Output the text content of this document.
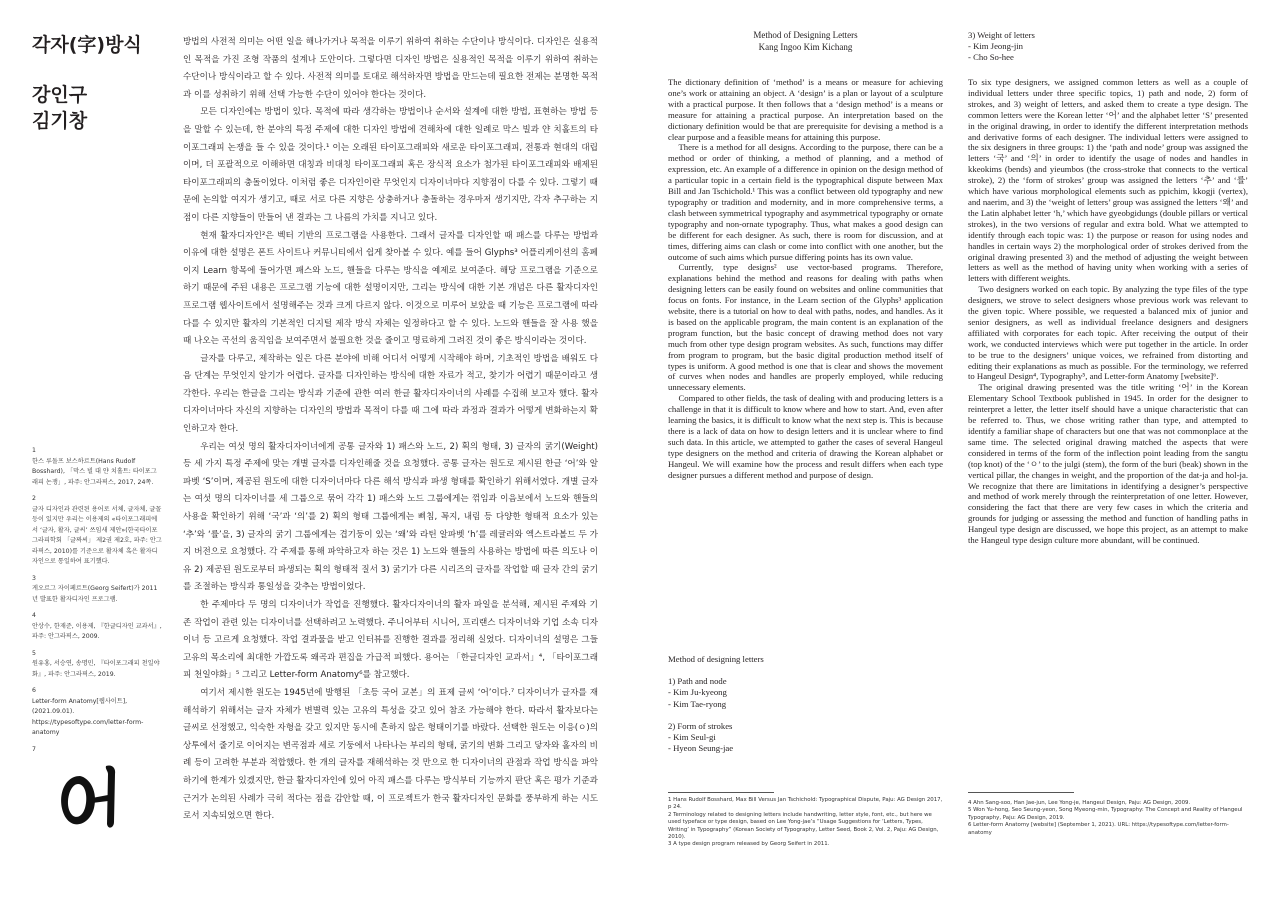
각자(字)방식
강인구
김기창
1
한스 루돌프 보스하르트(Hans Rudolf Bosshard), 「막스 빌 대 얀 치홀트: 타이포그래피 논쟁」, 파주: 안그라픽스, 2017, 24쪽.
2
글자 디자인과 관련된 용어로 서체, 글자체, 글꼴 등이 있지만 우리는 이용제의 «타이포그래피에서 ‘글자, 활자, 글씨’ 쓰임새 제안»(한국타이포그라피학회 「글짜씨」 제2권 제2호, 파주: 안그라픽스, 2010)를 기준으로 활자체 혹은 활자디자인으로 통일하여 표기했다.
3
게오르그 자이페르트(Georg Seifert)가 2011년 발표한 활자디자인 프로그램.
4
안상수, 한재준, 이용제, 『한글디자인 교과서』, 파주: 안그라픽스, 2009.
5
원유홍, 서승연, 송명민, 『타이포그래피 천일야화』, 파주: 안그라픽스, 2019.
6
Letter-form Anatomy[웹사이트], (2021.09.01). https://typesoftype.com/letter-form-anatomy
7

방법의 사전적 의미는 어떤 일을 해나가거나 목적을 이루기 위하여 취하는 수단이나 방식이다. 디자인은 실용적인 목적을 가진 조형 작품의 설계나 도안이다. 그렇다면 디자인 방법은 실용적인 목적을 이루기 위하여 취하는 수단이나 방식이라고 할 수 있다. 사전적 의미를 토대로 해석하자면 방법을 만드는데 필요한 전제는 분명한 목적과 이를 성취하기 위해 선택 가능한 수단이 있어야 한다는 것이다.

모든 디자인에는 방법이 있다. 목적에 따라 생각하는 방법이나 순서와 설계에 대한 방법, 표현하는 방법 등을 말할 수 있는데, 한 분야의 특정 주제에 대한 디자인 방법에 견해차에 대한 일례로 막스 빌과 얀 치홀트의 타이포그래피 논쟁을 들 수 있을 것이다.¹ 이는 오래된 타이포그래피와 새로운 타이포그래피, 전통과 현대의 대립이며, 더 포괄적으로 이해하면 대칭과 비대칭 타이포그래피 혹은 장식적 요소가 첨가된 타이포그래피와 배제된 타이포그래피의 충돌이었다. 이처럼 좋은 디자인이란 무엇인지 디자이너마다 지향점이 다를 수 있다. 그렇기 때문에 논의할 여지가 생기고, 때로 서로 다른 지향은 상충하거나 충돌하는 경우마저 생기지만, 각자 추구하는 지점이 다른 지향들이 만들어 낸 결과는 그 나름의 가치를 지니고 있다.

현재 활자디자인²은 벡터 기반의 프로그램을 사용한다. 그래서 글자를 디자인할 때 패스를 다루는 방법과 이유에 대한 설명은 폰트 사이트나 커뮤니티에서 쉽게 찾아볼 수 있다. 예를 들어 Glyphs³ 어플리케이션의 홈페이지 Learn 항목에 들어가면 패스와 노드, 핸들을 다루는 방식을 예제로 보여준다. 해당 프로그램을 기준으로 하기 때문에 주된 내용은 프로그램 기능에 대한 설명이지만, 그리는 방식에 대한 기본 개념은 다른 활자디자인 프로그램 웹사이트에서 설명해주는 것과 크게 다르지 않다. 이것으로 미루어 보았을 때 기능은 프로그램에 따라 다를 수 있지만 활자의 기본적인 디지털 제작 방식 자체는 일정하다고 할 수 있다. 노드와 핸들을 잘 사용 했을 때 나오는 곡선의 움직임을 보여주면서 불필요한 것을 줄이고 명료하게 그려진 것이 좋은 방식이라는 것이다.

글자를 다루고, 제작하는 일은 다른 분야에 비해 어디서 어떻게 시작해야 하며, 기초적인 방법을 배워도 다음 단계는 무엇인지 알기가 어렵다. 글자를 디자인하는 방식에 대한 자료가 적고, 찾기가 어렵기 때문이라고 생각한다. 우리는 한글을 그리는 방식과 기준에 관한 여러 한글 활자디자이너의 사례를 수집해 보고자 했다. 활자디자이너마다 자신의 지향하는 디자인의 방법과 목적이 다를 때 그에 따라 과정과 결과가 어떻게 변화하는지 확인하고자 한다.

우리는 여섯 명의 활자디자이너에게 공통 글자와 1) 패스와 노드, 2) 획의 형태, 3) 글자의 굵기(Weight) 등 세 가지 특정 주제에 맞는 개별 글자를 디자인해줄 것을 요청했다. 공통 글자는 원도로 제시된 한글 ‘어’와 알파벳 ‘S’이며, 제공된 원도에 대한 디자이너마다 다른 해석 방식과 파생 형태를 확인하기 위해서였다. 개별 글자는 여섯 명의 디자이너를 세 그룹으로 묶어 각각 1) 패스와 노드 그룹에게는 꺾임과 이음보에서 노드와 핸들의 사용을 확인하기 위해 ‘국’과 ‘의’를 2) 획의 형태 그룹에게는 삐침, 꼭지, 내림 등 다양한 형태적 요소가 있는 ‘추’와 ‘률’을, 3) 글자의 굵기 그룹에게는 겹기둥이 있는 ‘왜’와 라틴 알파벳 ‘h’를 레귤러와 엑스트라볼드 두 가지 버전으로 요청했다. 각 주제를 통해 파악하고자 하는 것은 1) 노드와 핸들의 사용하는 방법에 따른 의도나 이유 2) 제공된 원도로부터 파생되는 획의 형태적 질서 3) 굵기가 다른 시리즈의 글자를 작업할 때 글자 간의 굵기를 조절하는 방식과 통일성을 갖추는 방법이었다.

한 주제마다 두 명의 디자이너가 작업을 진행했다. 활자디자이너의 활자 파일을 분석해, 제시된 주제와 기존 작업이 관련 있는 디자이너를 선택하려고 노력했다. 주니어부터 시니어, 프리랜스 디자이너와 기업 소속 디자이너 등 고르게 요청했다. 작업 결과물을 받고 인터뷰를 진행한 결과를 정리해 실었다. 디자이너의 설명은 그들 고유의 목소리에 최대한 가깝도록 왜곡과 편집을 가급적 피했다. 용어는 「한글디자인 교과서」⁴, 「타이포그래피 천일야화」⁵ 그리고 Letter-form Anatomy⁶를 참고했다.

여기서 제시한 원도는 1945년에 발행된 「초등 국어 교본」의 표제 글씨 ‘어’이다.⁷ 디자이너가 글자를 재해석하기 위해서는 글자 자체가 변별력 있는 고유의 특성을 갖고 있어 참조 가능해야 한다. 따라서 활자보다는 글씨로 선정했고, 익숙한 자형을 갖고 있지만 동시에 흔하지 않은 형태이기를 바랐다. 선택한 원도는 이응(ㅇ)의 상투에서 줄기로 이어지는 변곡점과 세로 기둥에서 나타나는 부리의 형태, 굵기의 변화 그리고 닿자와 홀자의 비례 등이 고려한 부분과 적합했다. 한 개의 글자를 재해석하는 것 만으로 한 디자이너의 관점과 작업 방식을 파악하기에 한계가 있겠지만, 한글 활자디자인에 있어 아직 패스를 다루는 방식부터 기능까지 판단 혹은 평가 기준과 근거가 논의된 사례가 극히 적다는 점을 감안할 때, 이 프로젝트가 한국 활자디자인 문화를 풍부하게 하는 시도로서 지속되었으면 한다.

Method of Designing Letters
Kang Ingoo Kim Kichang

The dictionary definition of ‘method’ is a means or measure for achieving one’s work or attaining an object. A ‘design’ is a plan or layout of a sculpture with a practical purpose. It then follows that a ‘design method’ is a means or measure for attaining a practical purpose. An interpretation based on the dictionary definition would be that are prerequisite for devising a method is a clear purpose and a feasible means for attaining this purpose.

There is a method for all designs. According to the purpose, there can be a method or order of thinking, a method of planning, and a method of expression, etc. An example of a difference in opinion on the design method of a particular topic in a certain field is the typographical dispute between Max Bill and Jan Tschichold.¹ This was a conflict between old typography and new typography or tradition and modernity, and in more comprehensive terms, a clash between symmetrical typography and asymmetrical typography or ornate typography and non-ornate typography. Thus, what makes a good design can be different for each designer. As such, there is room for discussion, and at times, differing aims can clash or come into conflict with one another, but the outcome of such aims which pursue differing points has its own value.

Currently, type designs² use vector-based programs. Therefore, explanations behind the method and reasons for dealing with paths when designing letters can be easily found on websites and online communities that focus on fonts. For instance, in the Learn section of the Glyphs³ application website, there is a tutorial on how to deal with paths, nodes, and handles. As it is based on the applicable program, the main content is an explanation of the program function, but the basic concept of drawing method does not vary much from other type design program websites. As such, functions may differ from program to program, but the basic digital production method itself of types is uniform. A good method is one that is clear and shows the movement of curves when nodes and handles are properly employed, while reducing unnecessary elements.

Compared to other fields, the task of dealing with and producing letters is a challenge in that it is difficult to know where and how to start. And, even after learning the basics, it is difficult to know what the next step is. This is because there is a lack of data on how to design letters and it is unclear where to find such data. In this article, we attempted to gather the cases of several Hangeul type designers on the method and criteria of drawing the Korean alphabet or Hangeul. We will examine how the process and result differs when each type designer pursues a different method and purpose of design.

Method of designing letters
1) Path and node
- Kim Ju-kyeong
- Kim Tae-ryong
2) Form of strokes
- Kim Seul-gi
- Hyeon Seung-jae
3) Weight of letters
- Kim Jeong-jin
- Cho So-hee

To six type designers, we assigned common letters as well as a couple of individual letters under three specific topics, 1) path and node, 2) form of strokes, and 3) weight of letters, and asked them to create a type design. The common letters were the Korean letter ‘어’ and the alphabet letter ‘S’ presented in the original drawing, in order to identify the different interpretation methods and derivative forms of each designer. The individual letters were assigned to the six designers in three groups: 1) the ‘path and node’ group was assigned the letters ‘국’ and ‘의’ in order to identify the usage of nodes and handles in kkeokims (bends) and yieumbos (the cross-stroke that connects to the vertical stroke), 2) the ‘form of strokes’ group was assigned the letters ‘추’ and ‘률’ which have various morphological elements such as ppichim, kkogji (vertex), and naerim, and 3) the ‘weight of letters’ group was assigned the letters ‘왜’ and the Latin alphabet letter ‘h,’ which have gyeobgidungs (double pillars or vertical strokes), in the two versions of regular and extra bold. What we attempted to identify through each topic was: 1) the purpose or reason for using nodes and handles in certain ways 2) the morphological order of strokes derived from the original drawing presented 3) and the method of adjusting the weight between letters as well as the method of having unity when working with a series of letters with different weights.

Two designers worked on each topic. By analyzing the type files of the type designers, we strove to select designers whose previous work was relevant to the given topic. Where possible, we requested a balanced mix of junior and senior designers, as well as individual freelance designers and designers affiliated with corporates for each topic. After receiving the output of their work, we conducted interviews which were put together in the article. In order to be true to the designers’ unique voices, we refrained from distorting and editing their explanations as much as possible. For the terminology, we referred to Hangeul Design⁴, Typography⁵, and Letter-form Anatomy [website]⁶.

The original drawing presented was the title writing ‘어’ in the Korean Elementary School Textbook published in 1945. In order for the designer to reinterpret a letter, the letter itself should have a unique characteristic that can be referred to. Thus, we chose writing rather than type, and attempted to identify a familiar shape of characters but one that was not commonplace at the same time. The selected original drawing matched the aspects that were considered in terms of the form of the inflection point leading from the sangtu (top knot) of the ‘ㅇ’ to the julgi (stem), the form of the buri (beak) shown in the vertical pillar, the changes in weight, and the proportion of the dat-ja and hol-ja. We recognize that there are limitations in identifying a designer’s perspective and method of work merely through the reinterpretation of one letter. However, considering the fact that there are very few cases in which the criteria and grounds for judging or assessing the method and function of handling paths in Hangeul type design are discussed, we hope this project, as an attempt to make the Hangeul type design culture more abundant, will be continued.

1 Hans Rudolf Bosshard, Max Bill Versus Jan Tschichold: Typographical Dispute, Paju: AG Design 2017, p 24.
2 Terminology related to designing letters include handwriting, letter style, font, etc., but here we used typeface or type design, based on Lee Yong-jae’s “Usage Suggestions for ‘Letters, Types, Writing’ in Typography” (Korean Society of Typography, Letter Seed, Book 2, Vol. 2, Paju: AG Design, 2010).
3 A type design program released by Georg Seifert in 2011.
4 Ahn Sang-soo, Han Jae-jun, Lee Yong-je, Hangeul Design, Paju: AG Design, 2009.
5 Won Yu-hong, Seo Seung-yeon, Song Myeong-min, Typography: The Concept and Reality of Hangeul Typography, Paju: AG Design, 2019.
6 Letter-form Anatomy [website] (September 1, 2021). URL: https://typesoftype.com/letter-form-anatomy
